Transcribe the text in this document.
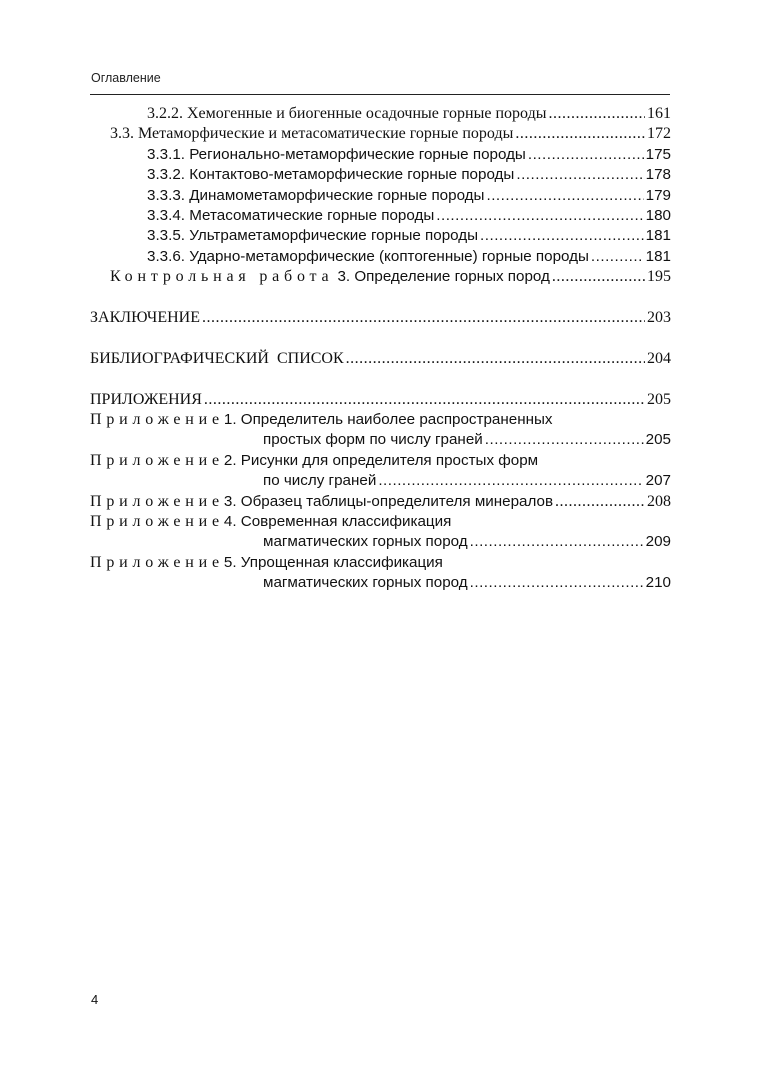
Оглавление
3.2.2. Хемогенные и биогенные осадочные горные породы .....	161
3.3. Метаморфические и метасоматические горные породы .....	172
3.3.1. Регионально-метаморфические горные породы .....	175
3.3.2. Контактово-метаморфические горные породы .....	178
3.3.3. Динамометаморфические горные породы .....	179
3.3.4. Метасоматические горные породы .....	180
3.3.5. Ультраметаморфические горные породы .....	181
3.3.6. Ударно-метаморфические (коптогенные) горные породы .....	181
Контрольная работа 3. Определение горных пород .....	195
ЗАКЛЮЧЕНИЕ .....	203
БИБЛИОГРАФИЧЕСКИЙ СПИСОК .....	204
ПРИЛОЖЕНИЯ .....	205
Приложение 1. Определитель наиболее распространенных
простых форм по числу граней .....	205
Приложение 2. Рисунки для определителя простых форм
по числу граней .....	207
Приложение3. Образец таблицы-определителя минералов .....	208
Приложение 4. Современная классификация
магматических горных пород .....	209
Приложение 5. Упрощенная классификация
магматических горных пород .....	210
4
